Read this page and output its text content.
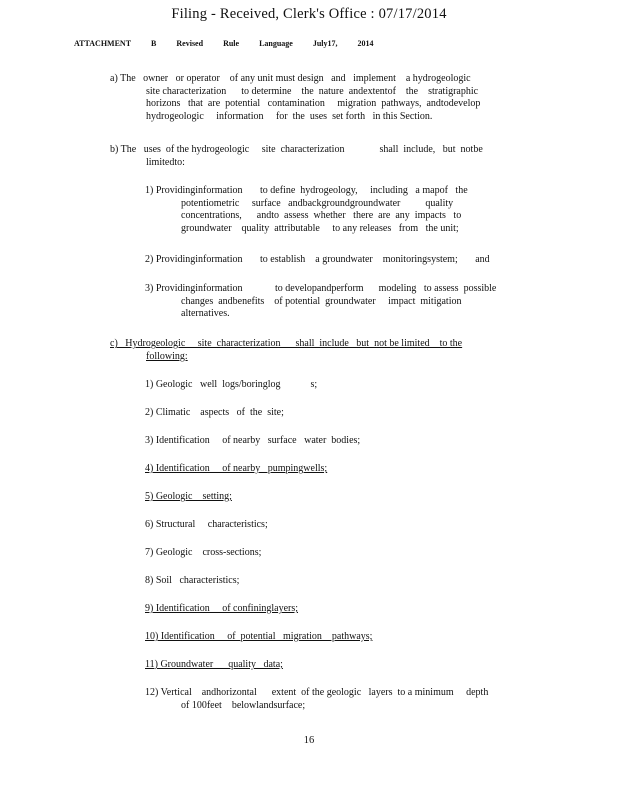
Filing - Received, Clerk's Office : 07/17/2014
ATTACHMENT	B	Revised	Rule	Language	July17,	2014
a) The   owner   or operator    of any unit must design   and   implement    a hydrogeologic
site characterization      to determine    the  nature  andextentof    the    stratigraphic
horizons   that  are  potential   contamination     migration  pathways,  andtodevelop
hydrogeologic     information     for  the  uses  set forth   in this Section.
b) The   uses  of the hydrogeologic     site  characterization              shall  include,   but  notbe
limitedto:
1) Providinginformation       to define  hydrogeology,     including   a mapof   the
potentiometric     surface   andbackgroundgroundwater          quality
concentrations,      andto  assess  whether   there  are  any  impacts   to
groundwater    quality  attributable     to any releases   from   the unit;
2) Providinginformation       to establish    a groundwater    monitoringsystem;       and
3) Providinginformation             to developandperform      modeling   to assess  possible
changes  andbenefits    of potential  groundwater     impact  mitigation
alternatives.
c)   Hydrogeologic     site  characterization      shall  include   but  not be limited    to the
following:
1) Geologic   well  logs/boringlog            s;
2) Climatic    aspects   of  the  site;
3) Identification     of nearby   surface   water  bodies;
4) Identification     of nearby   pumpingwells;
5) Geologic    setting;
6) Structural     characteristics;
7) Geologic    cross-sections;
8) Soil   characteristics;
9) Identification     of confininglayers;
10) Identification     of  potential   migration    pathways;
11) Groundwater      quality   data;
12) Vertical    andhorizontal      extent  of the geologic   layers  to a minimum     depth
of 100feet    belowlandsurface;
16
